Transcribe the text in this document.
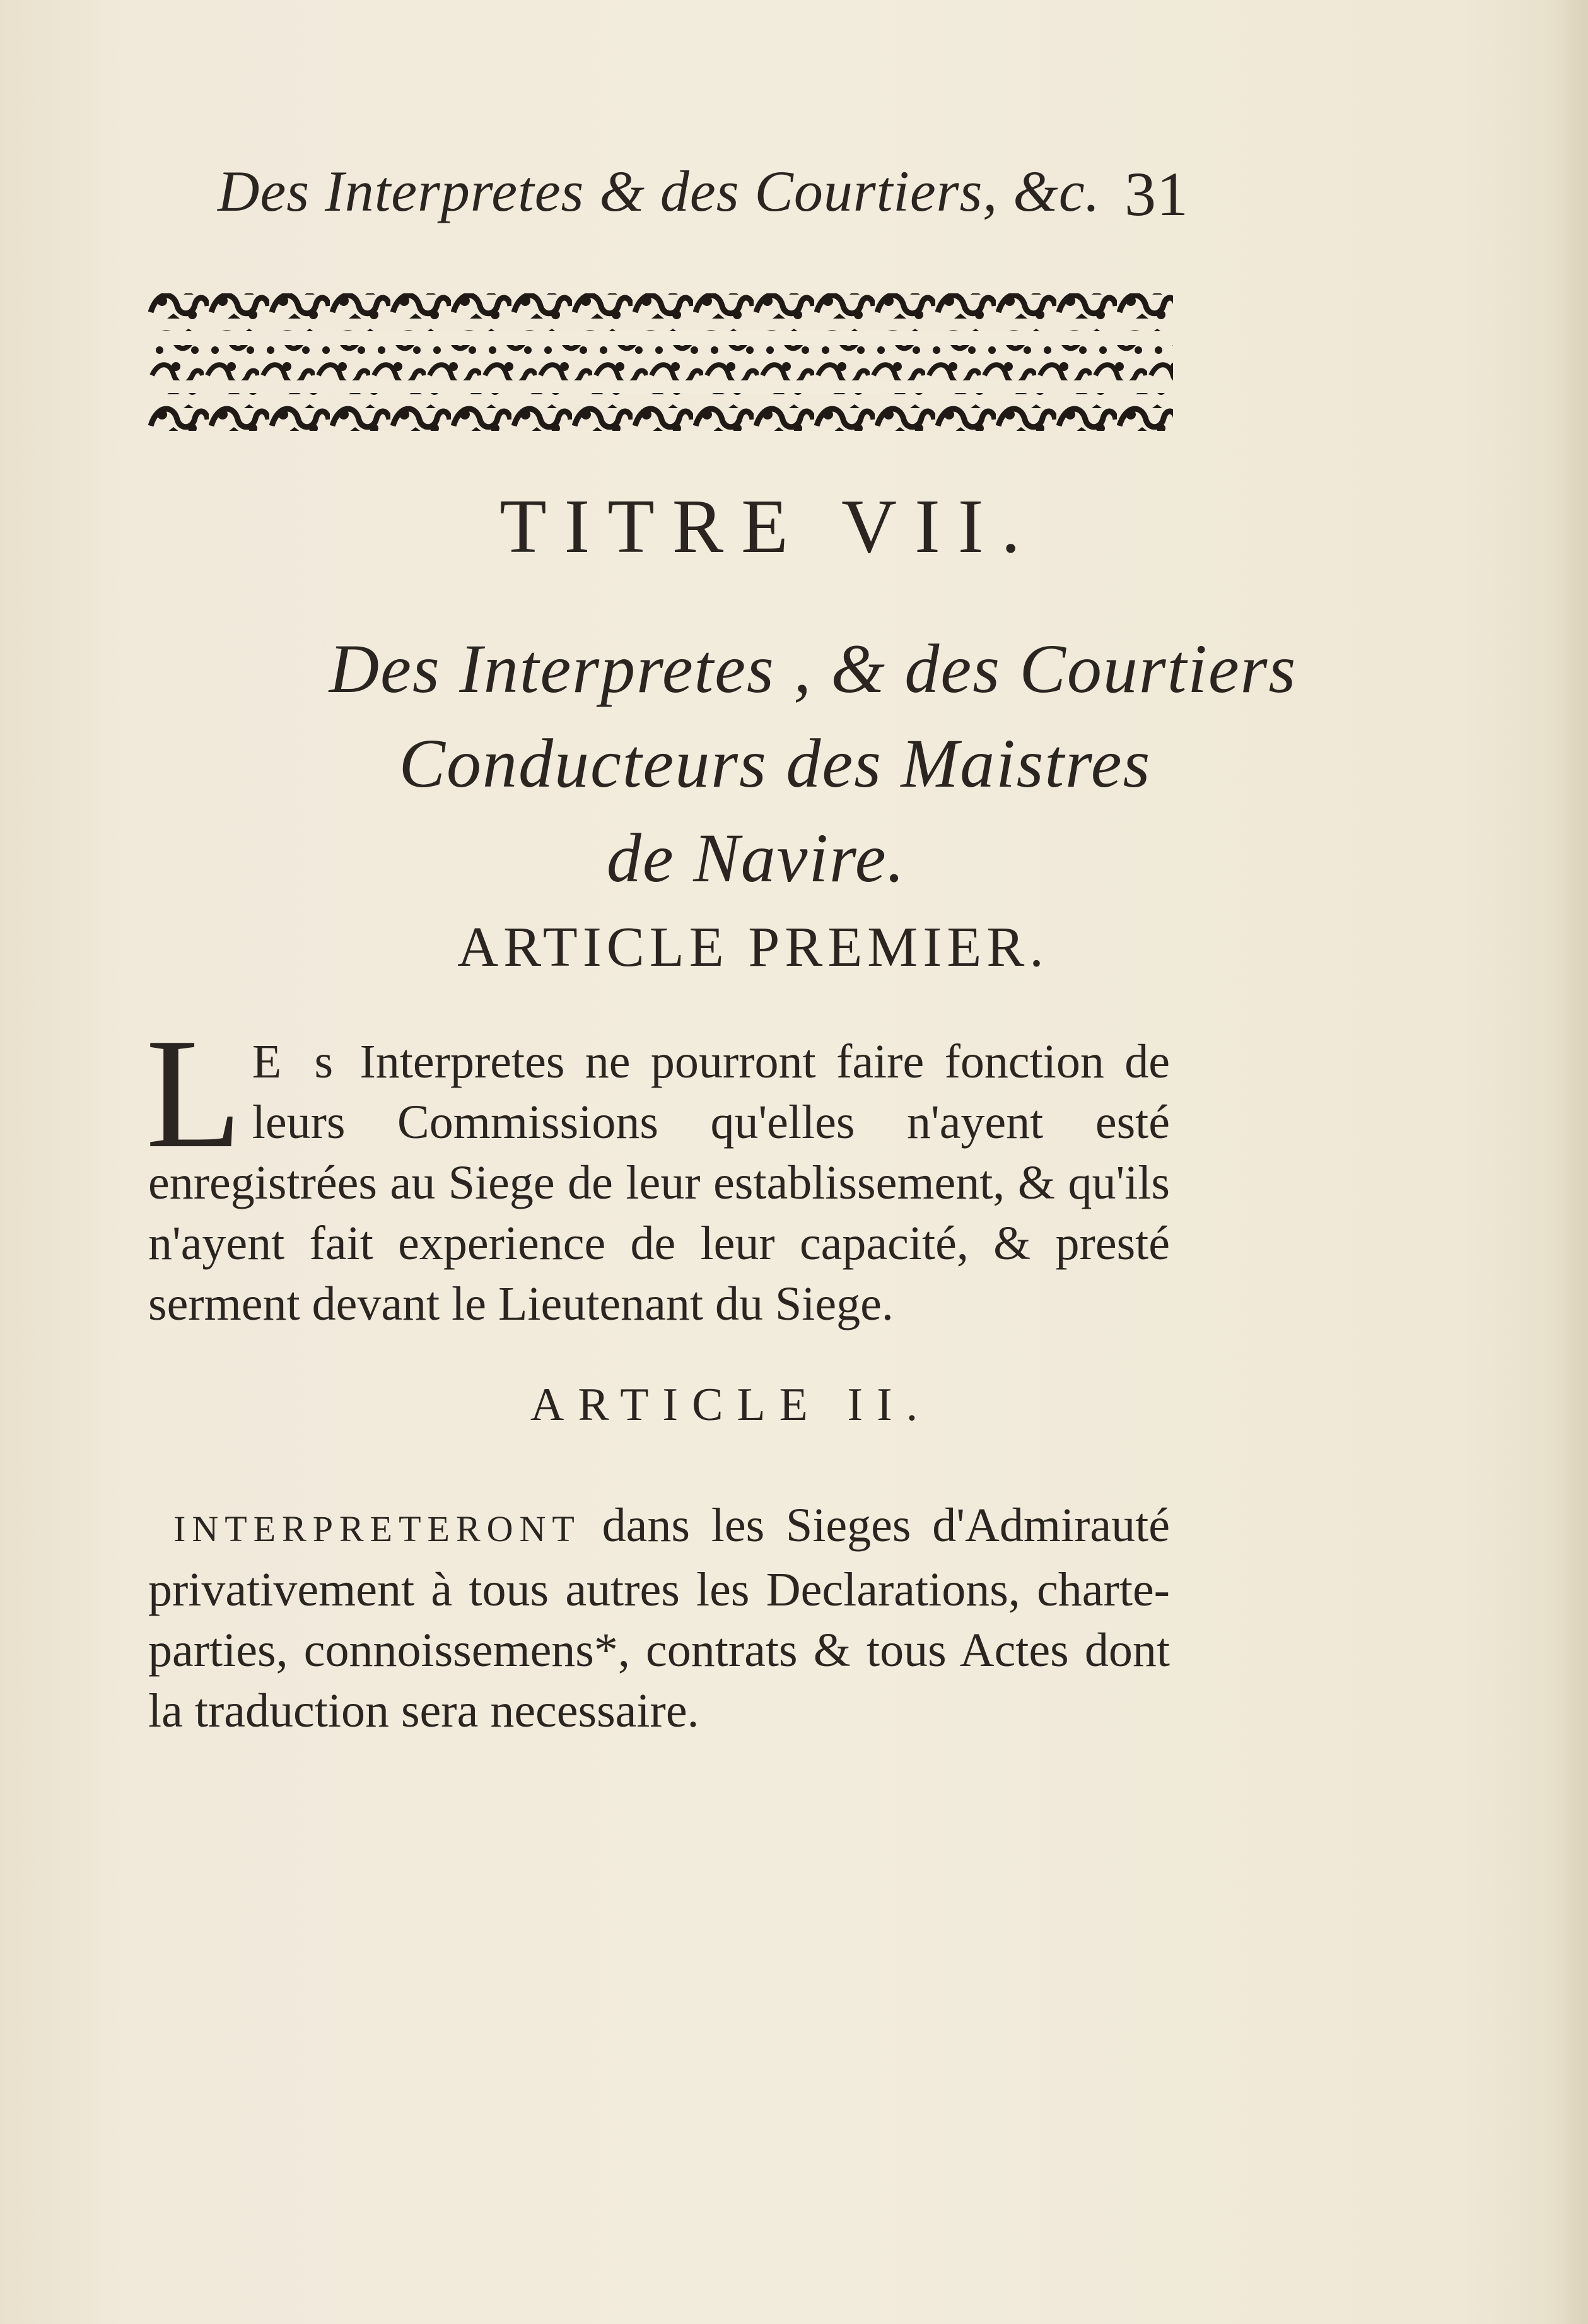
Des Interpretes & des Courtiers, &c. 31
TITRE VII.
Des Interpretes , & des Courtiers
Conducteurs des Maistres
de Navire.
ARTICLE PREMIER.
L E s Interpretes ne pourront faire fonction de leurs Commissions qu'elles n'ayent esté enregistrées au Siege de leur establissement, & qu'ils n'ayent fait experience de leur capacité, & presté serment devant le Lieutenant du Siege.
ARTICLE II.
INTERPRETERONT dans les Sieges d'Admirauté privativement à tous autres les Declarations, charte-parties, connoissemens*, contrats & tous Actes dont la traduction sera necessaire.
